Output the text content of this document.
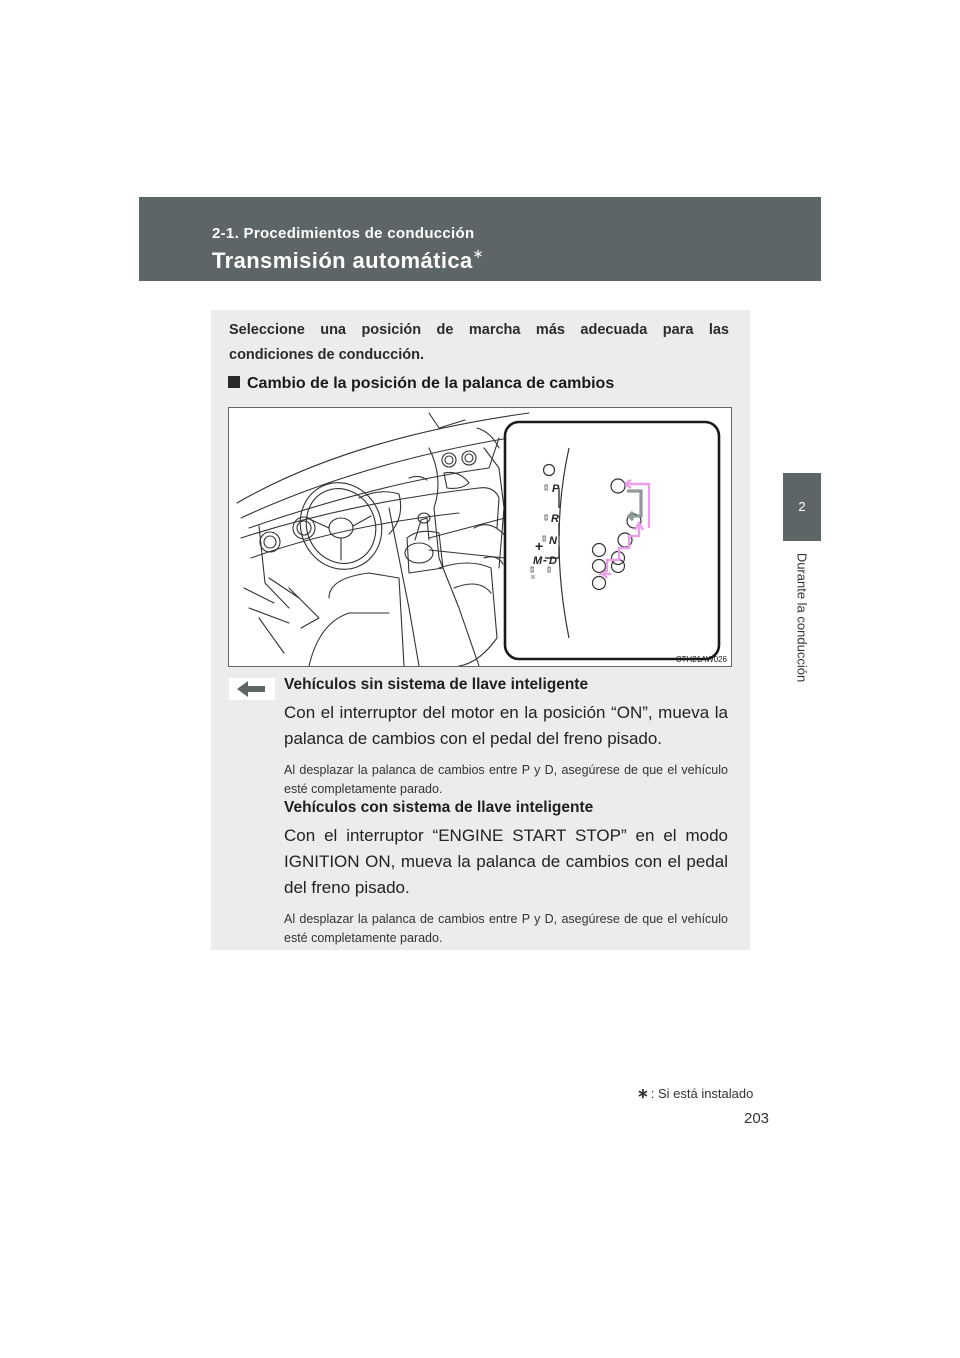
2-1. Procedimientos de conducción
Transmisión automática∗
2
Durante la conducción
Seleccione una posición de marcha más adecuada para las
condiciones de conducción.
Cambio de la posición de la palanca de cambios
P
R
N
D
M
+
-
CTH21AW026
Vehículos sin sistema de llave inteligente
Con el interruptor del motor en la posición “ON”, mueva la palanca de cambios con el pedal del freno pisado.
Al desplazar la palanca de cambios entre P y D, asegúrese de que el vehículo esté completamente parado.
Vehículos con sistema de llave inteligente
Con el interruptor “ENGINE START STOP” en el modo IGNITION ON, mueva la palanca de cambios con el pedal del freno pisado.
Al desplazar la palanca de cambios entre P y D, asegúrese de que el vehículo esté completamente parado.
∗ : Si está instalado
203
